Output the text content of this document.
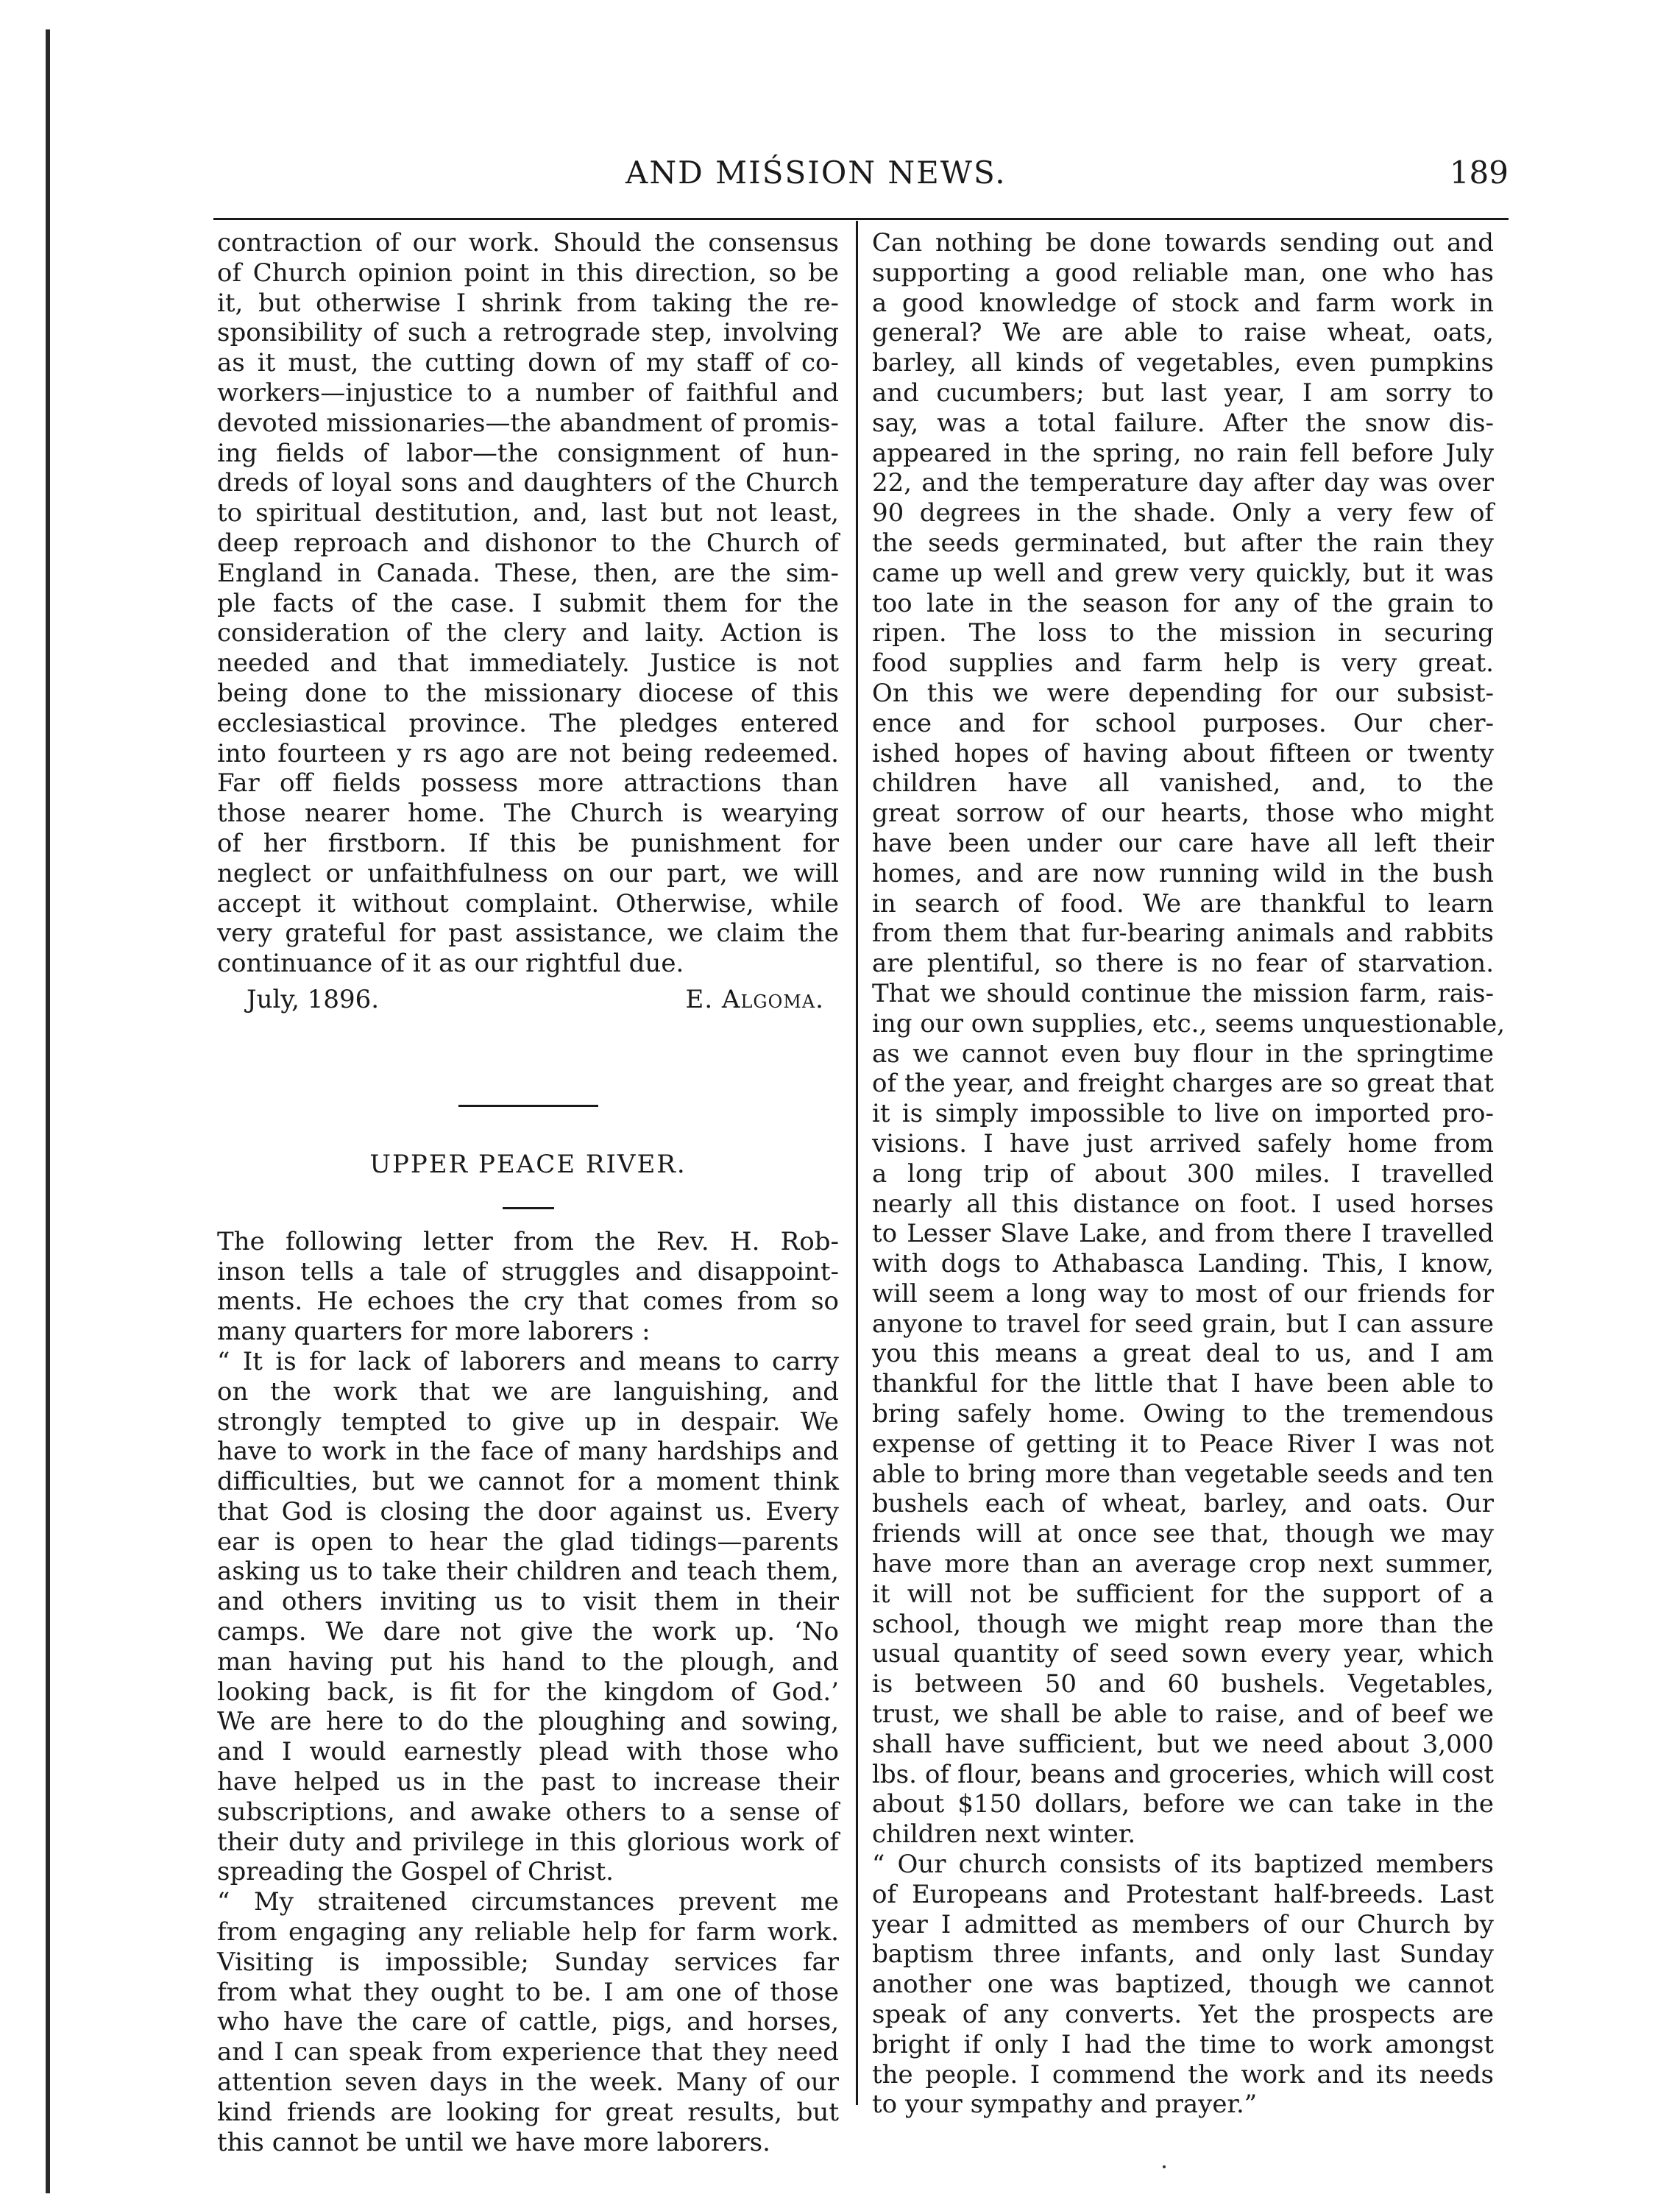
AND MIŚSION NEWS.	189
contraction of our work. Should the consensus
of Church opinion point in this direction, so be
it, but otherwise I shrink from taking the re-
sponsibility of such a retrograde step, involving
as it must, the cutting down of my staff of co-
workers—injustice to a number of faithful and
devoted missionaries—the abandment of promis-
ing fields of labor—the consignment of hun-
dreds of loyal sons and daughters of the Church
to spiritual destitution, and, last but not least,
deep reproach and dishonor to the Church of
England in Canada. These, then, are the sim-
ple facts of the case. I submit them for the
consideration of the clery and laity. Action is
needed and that immediately. Justice is not
being done to the missionary diocese of this
ecclesiastical province. The pledges entered
into fourteen y rs ago are not being redeemed.
Far off fields possess more attractions than
those nearer home. The Church is wearying
of her firstborn. If this be punishment for
neglect or unfaithfulness on our part, we will
accept it without complaint. Otherwise, while
very grateful for past assistance, we claim the
continuance of it as our rightful due.
July, 1896.	E. Algoma.
UPPER PEACE RIVER.
The following letter from the Rev. H. Rob-
inson tells a tale of struggles and disappoint-
ments. He echoes the cry that comes from so
many quarters for more laborers :
“ It is for lack of laborers and means to carry
on the work that we are languishing, and
strongly tempted to give up in despair. We
have to work in the face of many hardships and
difficulties, but we cannot for a moment think
that God is closing the door against us. Every
ear is open to hear the glad tidings—parents
asking us to take their children and teach them,
and others inviting us to visit them in their
camps. We dare not give the work up. ‘No
man having put his hand to the plough, and
looking back, is fit for the kingdom of God.’
We are here to do the ploughing and sowing,
and I would earnestly plead with those who
have helped us in the past to increase their
subscriptions, and awake others to a sense of
their duty and privilege in this glorious work of
spreading the Gospel of Christ.
“ My straitened circumstances prevent me
from engaging any reliable help for farm work.
Visiting is impossible; Sunday services far
from what they ought to be. I am one of those
who have the care of cattle, pigs, and horses,
and I can speak from experience that they need
attention seven days in the week. Many of our
kind friends are looking for great results, but
this cannot be until we have more laborers.
Can nothing be done towards sending out and
supporting a good reliable man, one who has
a good knowledge of stock and farm work in
general? We are able to raise wheat, oats,
barley, all kinds of vegetables, even pumpkins
and cucumbers; but last year, I am sorry to
say, was a total failure. After the snow dis-
appeared in the spring, no rain fell before July
22, and the temperature day after day was over
90 degrees in the shade. Only a very few of
the seeds germinated, but after the rain they
came up well and grew very quickly, but it was
too late in the season for any of the grain to
ripen. The loss to the mission in securing
food supplies and farm help is very great.
On this we were depending for our subsist-
ence and for school purposes. Our cher-
ished hopes of having about fifteen or twenty
children have all vanished, and, to the
great sorrow of our hearts, those who might
have been under our care have all left their
homes, and are now running wild in the bush
in search of food. We are thankful to learn
from them that fur-bearing animals and rabbits
are plentiful, so there is no fear of starvation.
That we should continue the mission farm, rais-
ing our own supplies, etc., seems unquestionable,
as we cannot even buy flour in the springtime
of the year, and freight charges are so great that
it is simply impossible to live on imported pro-
visions. I have just arrived safely home from
a long trip of about 300 miles. I travelled
nearly all this distance on foot. I used horses
to Lesser Slave Lake, and from there I travelled
with dogs to Athabasca Landing. This, I know,
will seem a long way to most of our friends for
anyone to travel for seed grain, but I can assure
you this means a great deal to us, and I am
thankful for the little that I have been able to
bring safely home. Owing to the tremendous
expense of getting it to Peace River I was not
able to bring more than vegetable seeds and ten
bushels each of wheat, barley, and oats. Our
friends will at once see that, though we may
have more than an average crop next summer,
it will not be sufficient for the support of a
school, though we might reap more than the
usual quantity of seed sown every year, which
is between 50 and 60 bushels. Vegetables,
trust, we shall be able to raise, and of beef we
shall have sufficient, but we need about 3,000
lbs. of flour, beans and groceries, which will cost
about $150 dollars, before we can take in the
children next winter.
“ Our church consists of its baptized members
of Europeans and Protestant half-breeds. Last
year I admitted as members of our Church by
baptism three infants, and only last Sunday
another one was baptized, though we cannot
speak of any converts. Yet the prospects are
bright if only I had the time to work amongst
the people. I commend the work and its needs
to your sympathy and prayer.”
